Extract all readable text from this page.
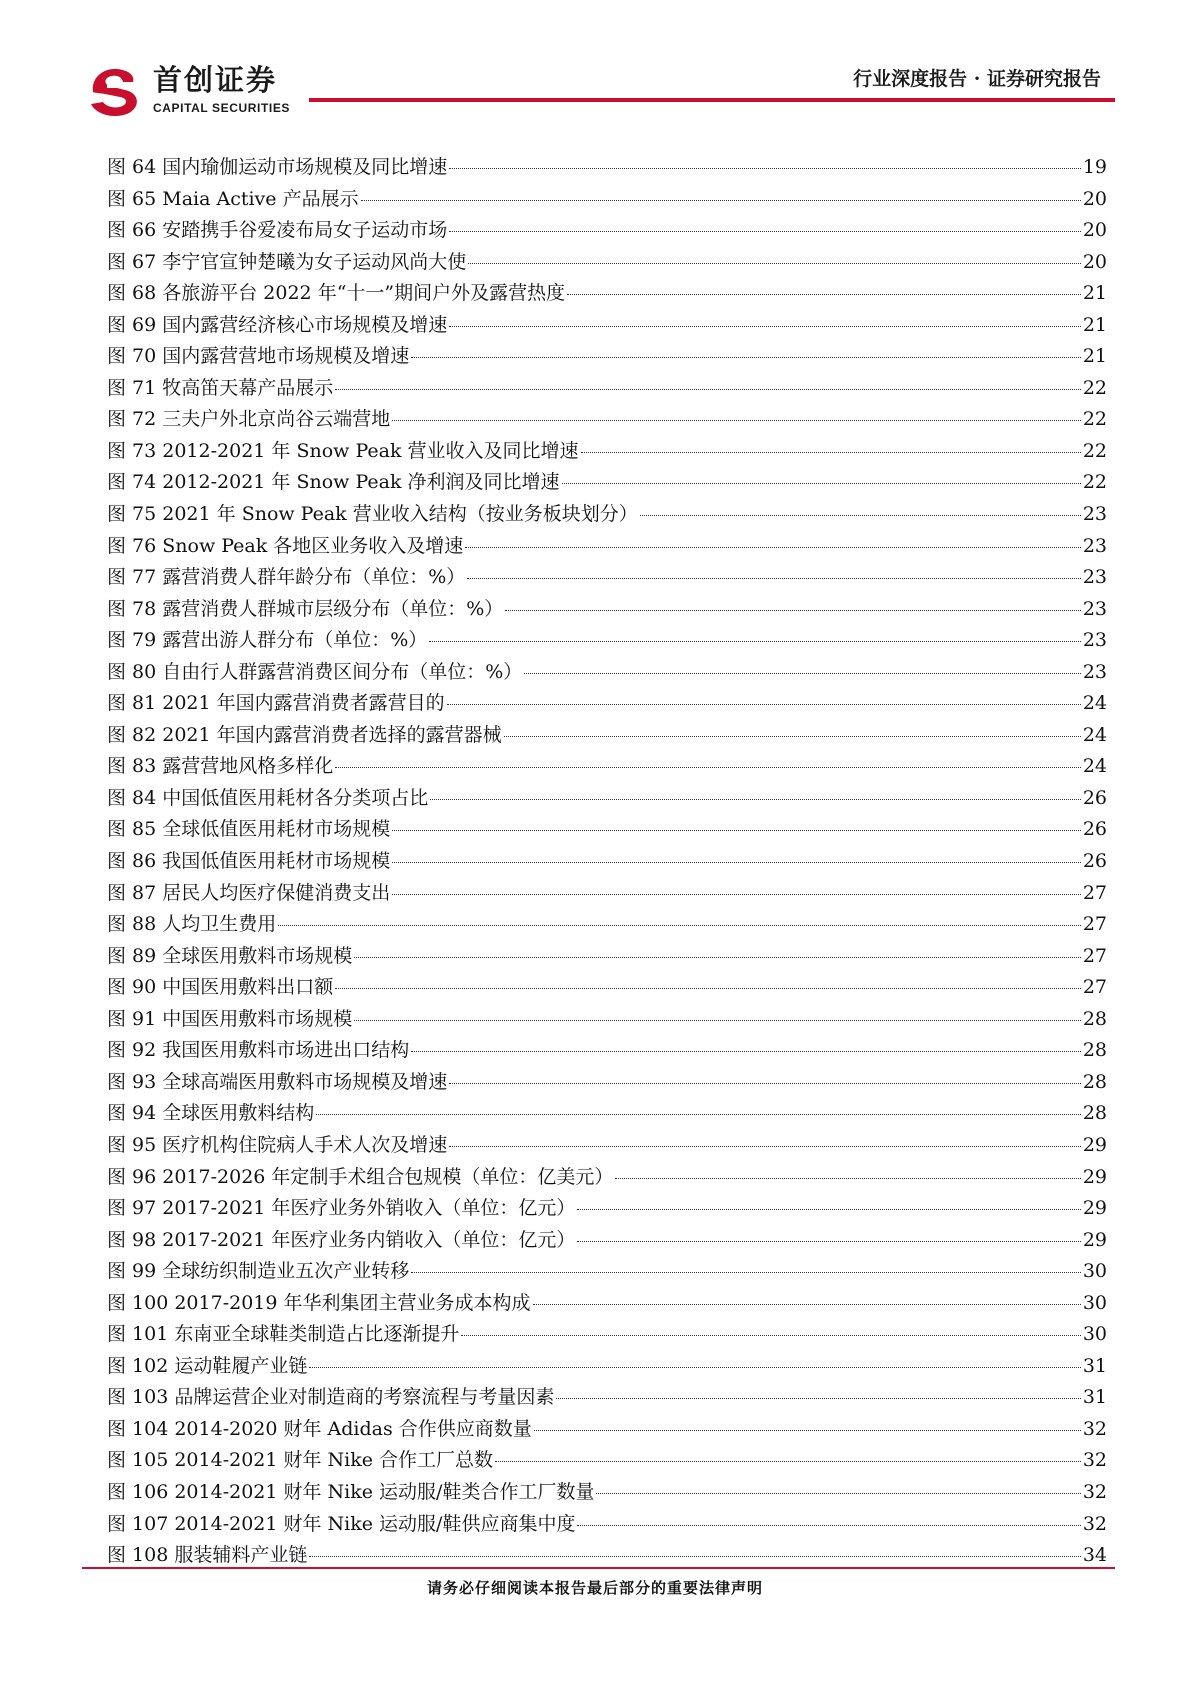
首创证券
CAPITAL SECURITIES
行业深度报告 · 证券研究报告
图 64 国内瑜伽运动市场规模及同比增速	19
图 65 Maia Active 产品展示	20
图 66 安踏携手谷爱凌布局女子运动市场	20
图 67 李宁官宣钟楚曦为女子运动风尚大使	20
图 68 各旅游平台 2022 年“十一”期间户外及露营热度	21
图 69 国内露营经济核心市场规模及增速	21
图 70 国内露营营地市场规模及增速	21
图 71 牧高笛天幕产品展示	22
图 72 三夫户外北京尚谷云端营地	22
图 73 2012-2021 年 Snow Peak 营业收入及同比增速	22
图 74 2012-2021 年 Snow Peak 净利润及同比增速	22
图 75 2021 年 Snow Peak 营业收入结构（按业务板块划分）	23
图 76 Snow Peak 各地区业务收入及增速	23
图 77 露营消费人群年龄分布（单位：%）	23
图 78 露营消费人群城市层级分布（单位：%）	23
图 79 露营出游人群分布（单位：%）	23
图 80 自由行人群露营消费区间分布（单位：%）	23
图 81 2021 年国内露营消费者露营目的	24
图 82 2021 年国内露营消费者选择的露营器械	24
图 83 露营营地风格多样化	24
图 84 中国低值医用耗材各分类项占比	26
图 85 全球低值医用耗材市场规模	26
图 86 我国低值医用耗材市场规模	26
图 87 居民人均医疗保健消费支出	27
图 88 人均卫生费用	27
图 89 全球医用敷料市场规模	27
图 90 中国医用敷料出口额	27
图 91 中国医用敷料市场规模	28
图 92 我国医用敷料市场进出口结构	28
图 93 全球高端医用敷料市场规模及增速	28
图 94 全球医用敷料结构	28
图 95 医疗机构住院病人手术人次及增速	29
图 96 2017-2026 年定制手术组合包规模（单位：亿美元）	29
图 97 2017-2021 年医疗业务外销收入（单位：亿元）	29
图 98 2017-2021 年医疗业务内销收入（单位：亿元）	29
图 99 全球纺织制造业五次产业转移	30
图 100 2017-2019 年华利集团主营业务成本构成	30
图 101 东南亚全球鞋类制造占比逐渐提升	30
图 102 运动鞋履产业链	31
图 103 品牌运营企业对制造商的考察流程与考量因素	31
图 104 2014-2020 财年 Adidas 合作供应商数量	32
图 105 2014-2021 财年 Nike 合作工厂总数	32
图 106 2014-2021 财年 Nike 运动服/鞋类合作工厂数量	32
图 107 2014-2021 财年 Nike 运动服/鞋供应商集中度	32
图 108 服装辅料产业链	34
请务必仔细阅读本报告最后部分的重要法律声明
